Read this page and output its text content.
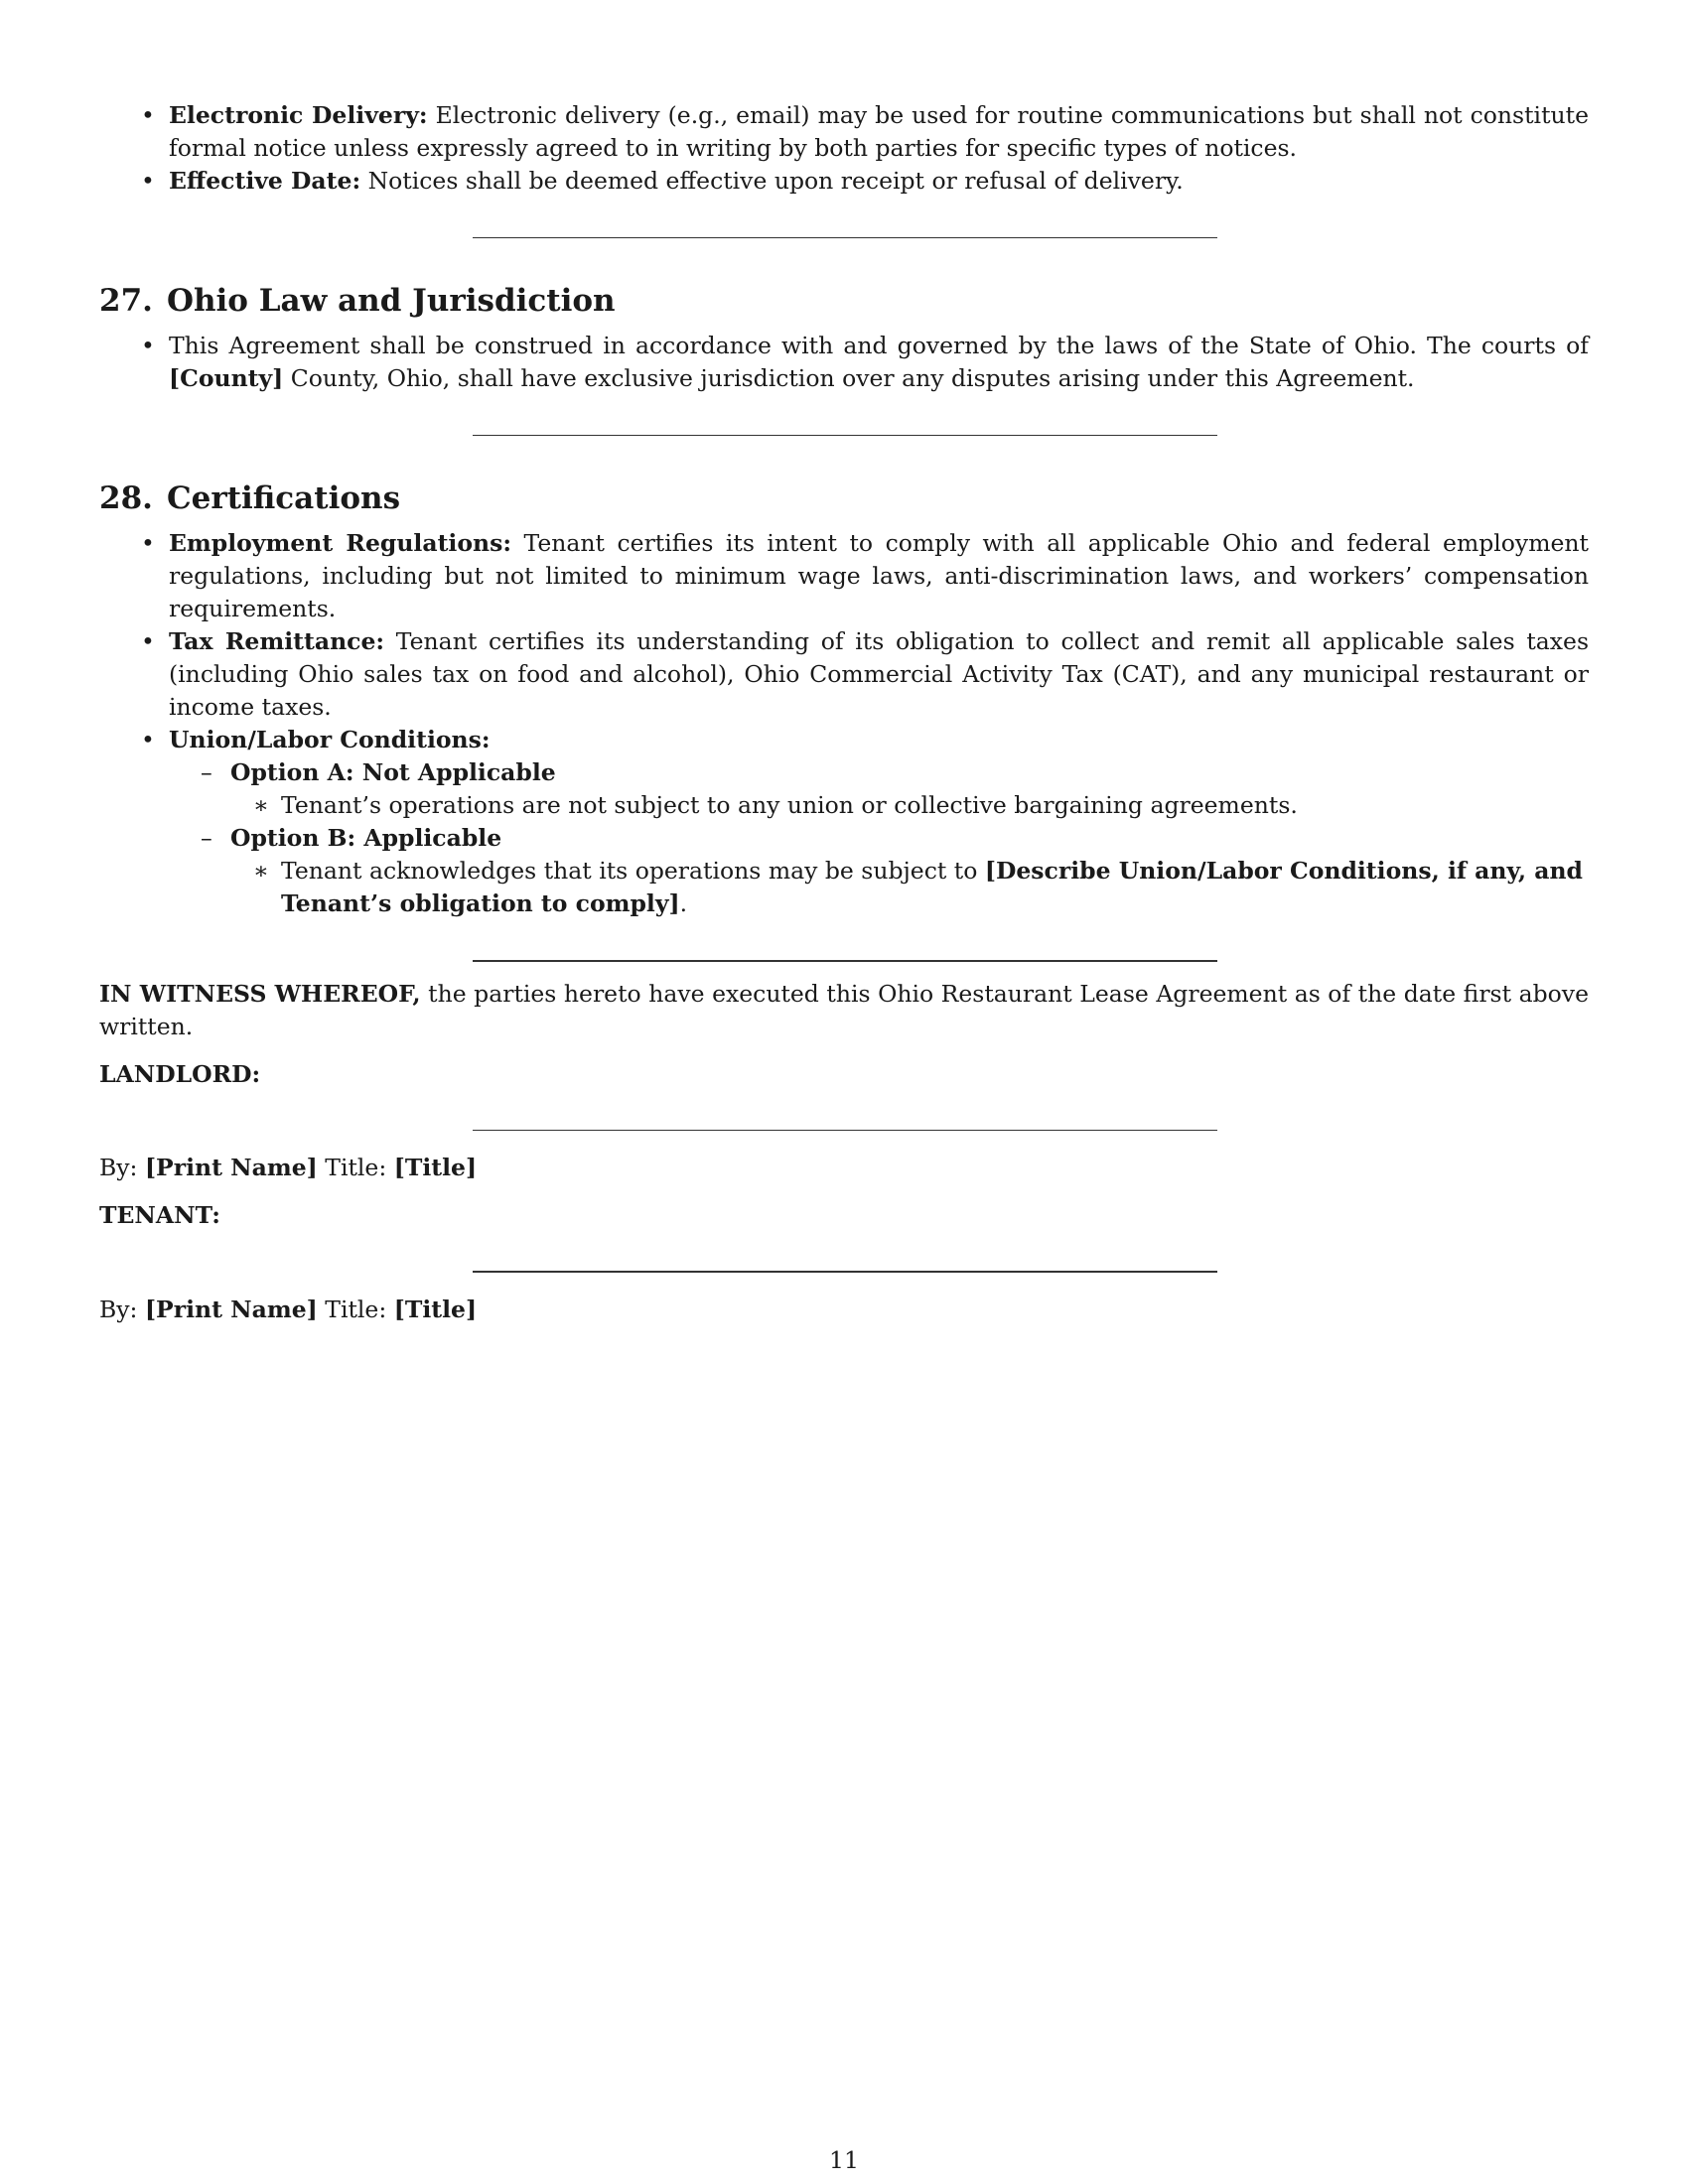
• Electronic Delivery: Electronic delivery (e.g., email) may be used for routine communications but shall not constitute formal notice unless expressly agreed to in writing by both parties for specific types of notices.
• Effective Date: Notices shall be deemed effective upon receipt or refusal of delivery.
27. Ohio Law and Jurisdiction
• This Agreement shall be construed in accordance with and governed by the laws of the State of Ohio. The courts of [County] County, Ohio, shall have exclusive jurisdiction over any disputes arising under this Agreement.
28. Certifications
• Employment Regulations: Tenant certifies its intent to comply with all applicable Ohio and federal employment regulations, including but not limited to minimum wage laws, anti-discrimination laws, and workers’ compensation requirements.
• Tax Remittance: Tenant certifies its understanding of its obligation to collect and remit all applicable sales taxes (including Ohio sales tax on food and alcohol), Ohio Commercial Activity Tax (CAT), and any municipal restaurant or income taxes.
• Union/Labor Conditions:
– Option A: Not Applicable
∗ Tenant’s operations are not subject to any union or collective bargaining agreements.
– Option B: Applicable
∗ Tenant acknowledges that its operations may be subject to [Describe Union/Labor Conditions, if any, and Tenant’s obligation to comply].

IN WITNESS WHEREOF, the parties hereto have executed this Ohio Restaurant Lease Agreement as of the date first above written.

LANDLORD:

By: [Print Name] Title: [Title]

TENANT:

By: [Print Name] Title: [Title]

11
